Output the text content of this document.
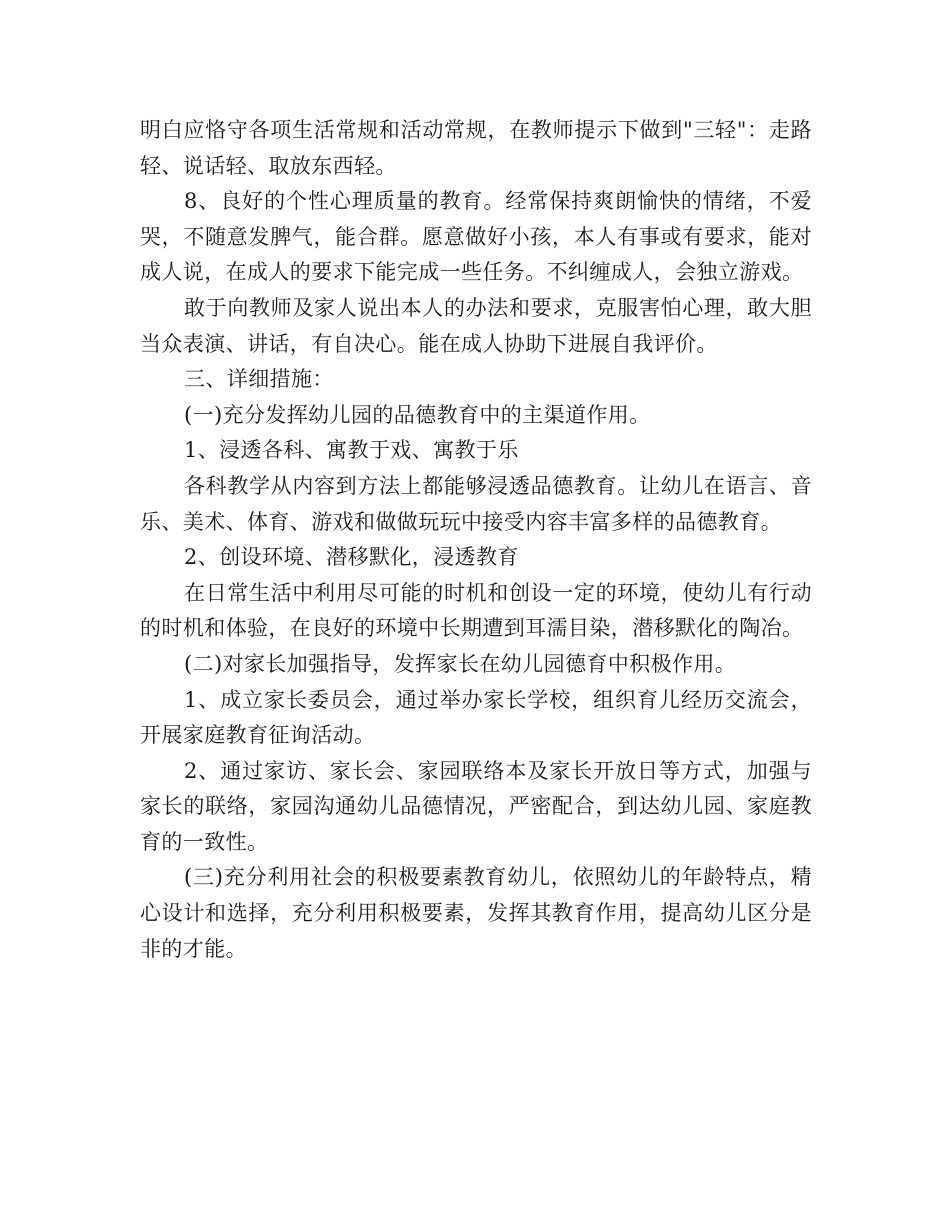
明白应恪守各项生活常规和活动常规，在教师提示下做到"三轻"：走路轻、说话轻、取放东西轻。

8、良好的个性心理质量的教育。经常保持爽朗愉快的情绪，不爱哭，不随意发脾气，能合群。愿意做好小孩，本人有事或有要求，能对成人说，在成人的要求下能完成一些任务。不纠缠成人，会独立游戏。

敢于向教师及家人说出本人的办法和要求，克服害怕心理，敢大胆当众表演、讲话，有自决心。能在成人协助下进展自我评价。

三、详细措施：

(一)充分发挥幼儿园的品德教育中的主渠道作用。

1、浸透各科、寓教于戏、寓教于乐

各科教学从内容到方法上都能够浸透品德教育。让幼儿在语言、音乐、美术、体育、游戏和做做玩玩中接受内容丰富多样的品德教育。

2、创设环境、潜移默化，浸透教育

在日常生活中利用尽可能的时机和创设一定的环境，使幼儿有行动的时机和体验，在良好的环境中长期遭到耳濡目染，潜移默化的陶冶。

(二)对家长加强指导，发挥家长在幼儿园德育中积极作用。

1、成立家长委员会，通过举办家长学校，组织育儿经历交流会，开展家庭教育征询活动。

2、通过家访、家长会、家园联络本及家长开放日等方式，加强与家长的联络，家园沟通幼儿品德情况，严密配合，到达幼儿园、家庭教育的一致性。

(三)充分利用社会的积极要素教育幼儿，依照幼儿的年龄特点，精心设计和选择，充分利用积极要素，发挥其教育作用，提高幼儿区分是非的才能。
